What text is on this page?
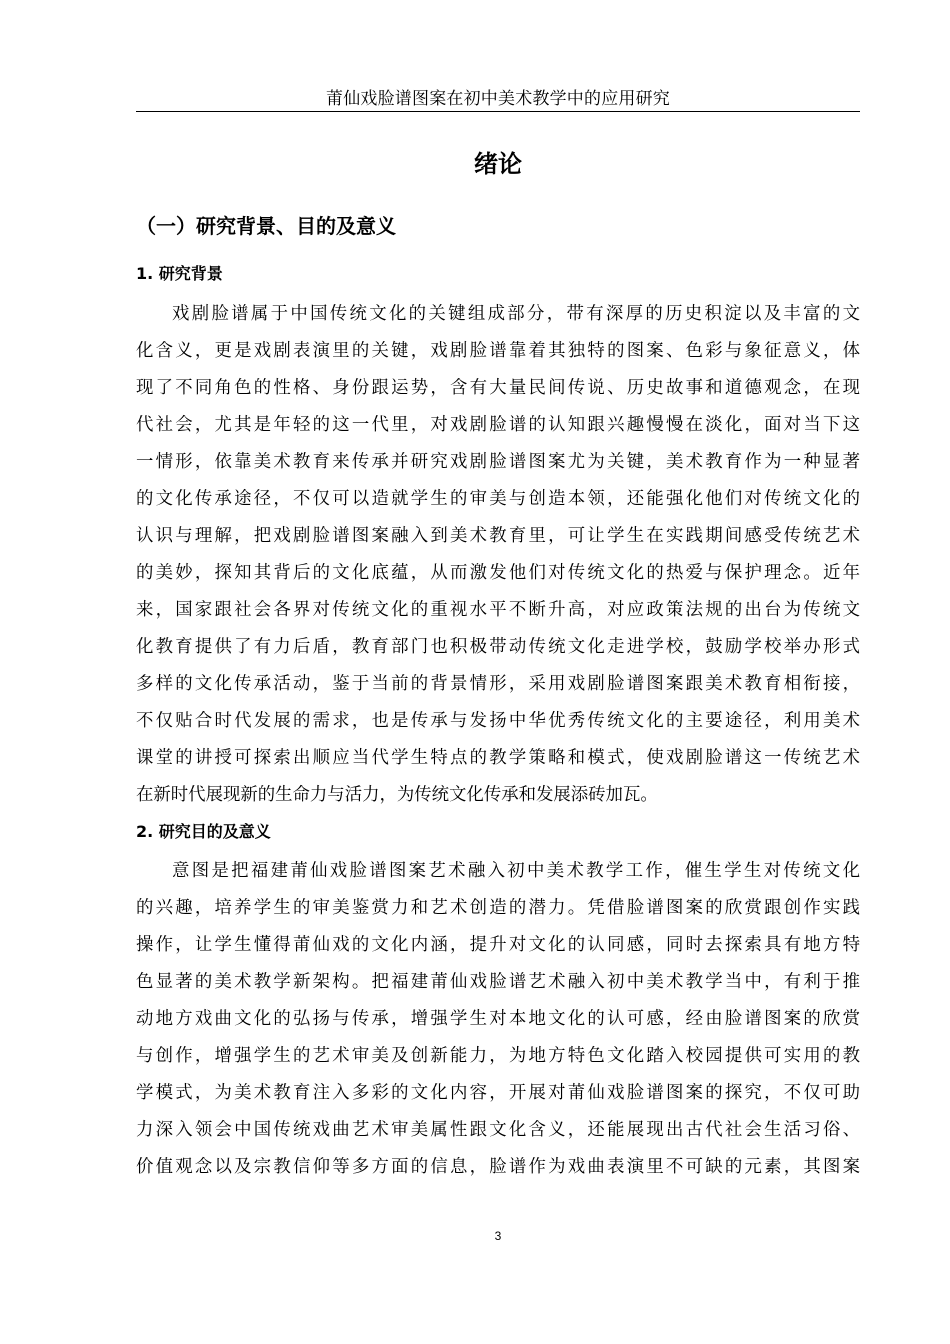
莆仙戏脸谱图案在初中美术教学中的应用研究
绪论
（一）研究背景、目的及意义
1. 研究背景
戏剧脸谱属于中国传统文化的关键组成部分，带有深厚的历史积淀以及丰富的文
化含义，更是戏剧表演里的关键，戏剧脸谱靠着其独特的图案、色彩与象征意义，体
现了不同角色的性格、身份跟运势，含有大量民间传说、历史故事和道德观念，在现
代社会，尤其是年轻的这一代里，对戏剧脸谱的认知跟兴趣慢慢在淡化，面对当下这
一情形，依靠美术教育来传承并研究戏剧脸谱图案尤为关键，美术教育作为一种显著
的文化传承途径，不仅可以造就学生的审美与创造本领，还能强化他们对传统文化的
认识与理解，把戏剧脸谱图案融入到美术教育里，可让学生在实践期间感受传统艺术
的美妙，探知其背后的文化底蕴，从而激发他们对传统文化的热爱与保护理念。近年
来，国家跟社会各界对传统文化的重视水平不断升高，对应政策法规的出台为传统文
化教育提供了有力后盾，教育部门也积极带动传统文化走进学校，鼓励学校举办形式
多样的文化传承活动，鉴于当前的背景情形，采用戏剧脸谱图案跟美术教育相衔接，
不仅贴合时代发展的需求，也是传承与发扬中华优秀传统文化的主要途径，利用美术
课堂的讲授可探索出顺应当代学生特点的教学策略和模式，使戏剧脸谱这一传统艺术
在新时代展现新的生命力与活力，为传统文化传承和发展添砖加瓦。
2. 研究目的及意义
意图是把福建莆仙戏脸谱图案艺术融入初中美术教学工作，催生学生对传统文化
的兴趣，培养学生的审美鉴赏力和艺术创造的潜力。凭借脸谱图案的欣赏跟创作实践
操作，让学生懂得莆仙戏的文化内涵，提升对文化的认同感，同时去探索具有地方特
色显著的美术教学新架构。把福建莆仙戏脸谱艺术融入初中美术教学当中，有利于推
动地方戏曲文化的弘扬与传承，增强学生对本地文化的认可感，经由脸谱图案的欣赏
与创作，增强学生的艺术审美及创新能力，为地方特色文化踏入校园提供可实用的教
学模式，为美术教育注入多彩的文化内容，开展对莆仙戏脸谱图案的探究，不仅可助
力深入领会中国传统戏曲艺术审美属性跟文化含义，还能展现出古代社会生活习俗、
价值观念以及宗教信仰等多方面的信息，脸谱作为戏曲表演里不可缺的元素，其图案
3
